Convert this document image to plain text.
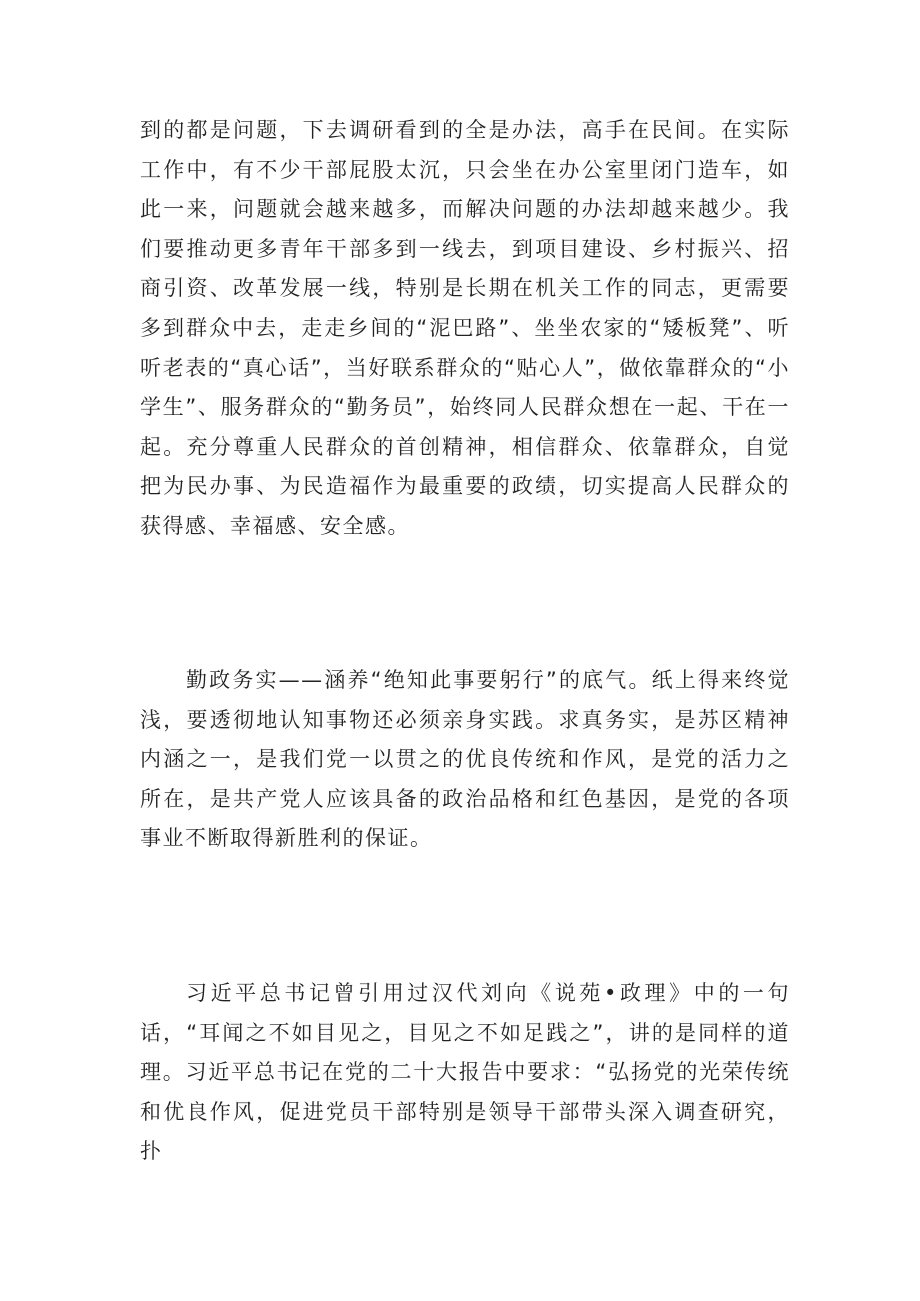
到的都是问题，下去调研看到的全是办法，高手在民间。在实际工作中，有不少干部屁股太沉，只会坐在办公室里闭门造车，如此一来，问题就会越来越多，而解决问题的办法却越来越少。我们要推动更多青年干部多到一线去，到项目建设、乡村振兴、招商引资、改革发展一线，特别是长期在机关工作的同志，更需要多到群众中去，走走乡间的“泥巴路”、坐坐农家的“矮板凳”、听听老表的“真心话”，当好联系群众的“贴心人”，做依靠群众的“小学生”、服务群众的“勤务员”，始终同人民群众想在一起、干在一起。充分尊重人民群众的首创精神，相信群众、依靠群众，自觉把为民办事、为民造福作为最重要的政绩，切实提高人民群众的获得感、幸福感、安全感。

勤政务实——涵养“绝知此事要躬行”的底气。纸上得来终觉浅，要透彻地认知事物还必须亲身实践。求真务实，是苏区精神内涵之一，是我们党一以贯之的优良传统和作风，是党的活力之所在，是共产党人应该具备的政治品格和红色基因，是党的各项事业不断取得新胜利的保证。

习近平总书记曾引用过汉代刘向《说苑•政理》中的一句话，“耳闻之不如目见之，目见之不如足践之”，讲的是同样的道理。习近平总书记在党的二十大报告中要求：“弘扬党的光荣传统和优良作风，促进党员干部特别是领导干部带头深入调查研究，扑
